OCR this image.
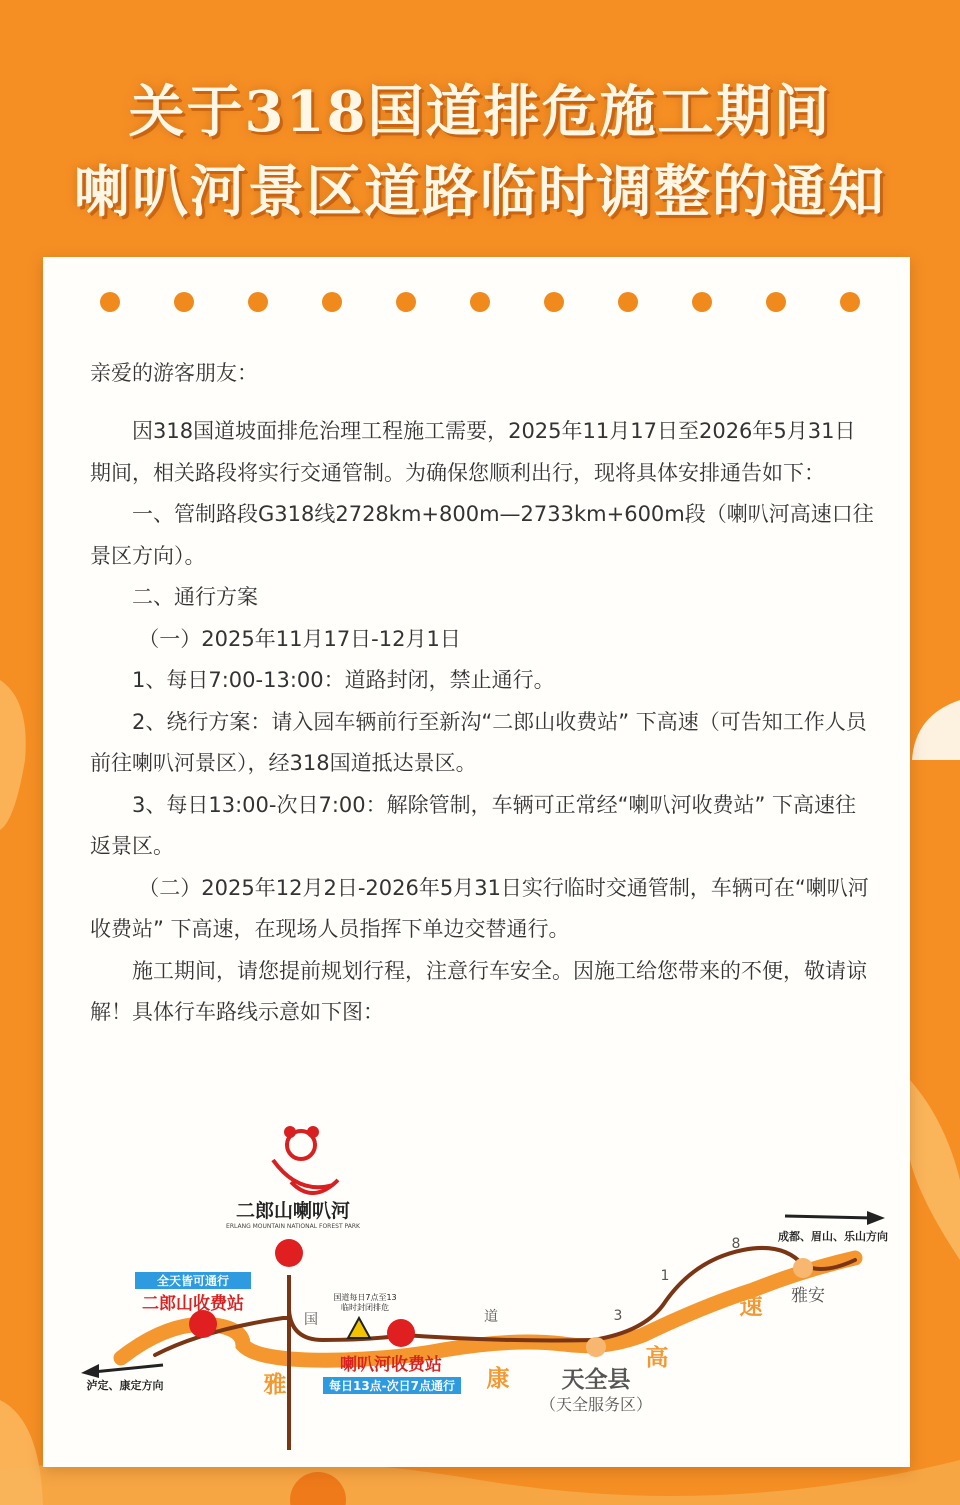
关于318国道排危施工期间
喇叭河景区道路临时调整的通知
亲爱的游客朋友：

因318国道坡面排危治理工程施工需要，2025年11月17日至2026年5月31日期间，相关路段将实行交通管制。为确保您顺利出行，现将具体安排通告如下：

一、管制路段G318线2728km+800m—2733km+600m段（喇叭河高速口往景区方向）。

二、通行方案

（一）2025年11月17日-12月1日

1、每日7:00-13:00：道路封闭，禁止通行。

2、绕行方案：请入园车辆前行至新沟“二郎山收费站” 下高速（可告知工作人员前往喇叭河景区），经318国道抵达景区。

3、每日13:00-次日7:00：解除管制，车辆可正常经“喇叭河收费站” 下高速往返景区。

（二）2025年12月2日-2026年5月31日实行临时交通管制，车辆可在“喇叭河收费站” 下高速，在现场人员指挥下单边交替通行。

施工期间，请您提前规划行程，注意行车安全。因施工给您带来的不便，敬请谅解！具体行车路线示意如下图：

二郎山喇叭河
ERLANG MOUNTAIN NATIONAL FOREST PARK
全天皆可通行
二郎山收费站
喇叭河收费站
每日13点-次日7点通行
国道每日7点至13
临时封闭排危
泸定、康定方向
成都、眉山、乐山方向
天全县
（天全服务区）
雅安
雅	康
高
速
国	道	3
1
8
